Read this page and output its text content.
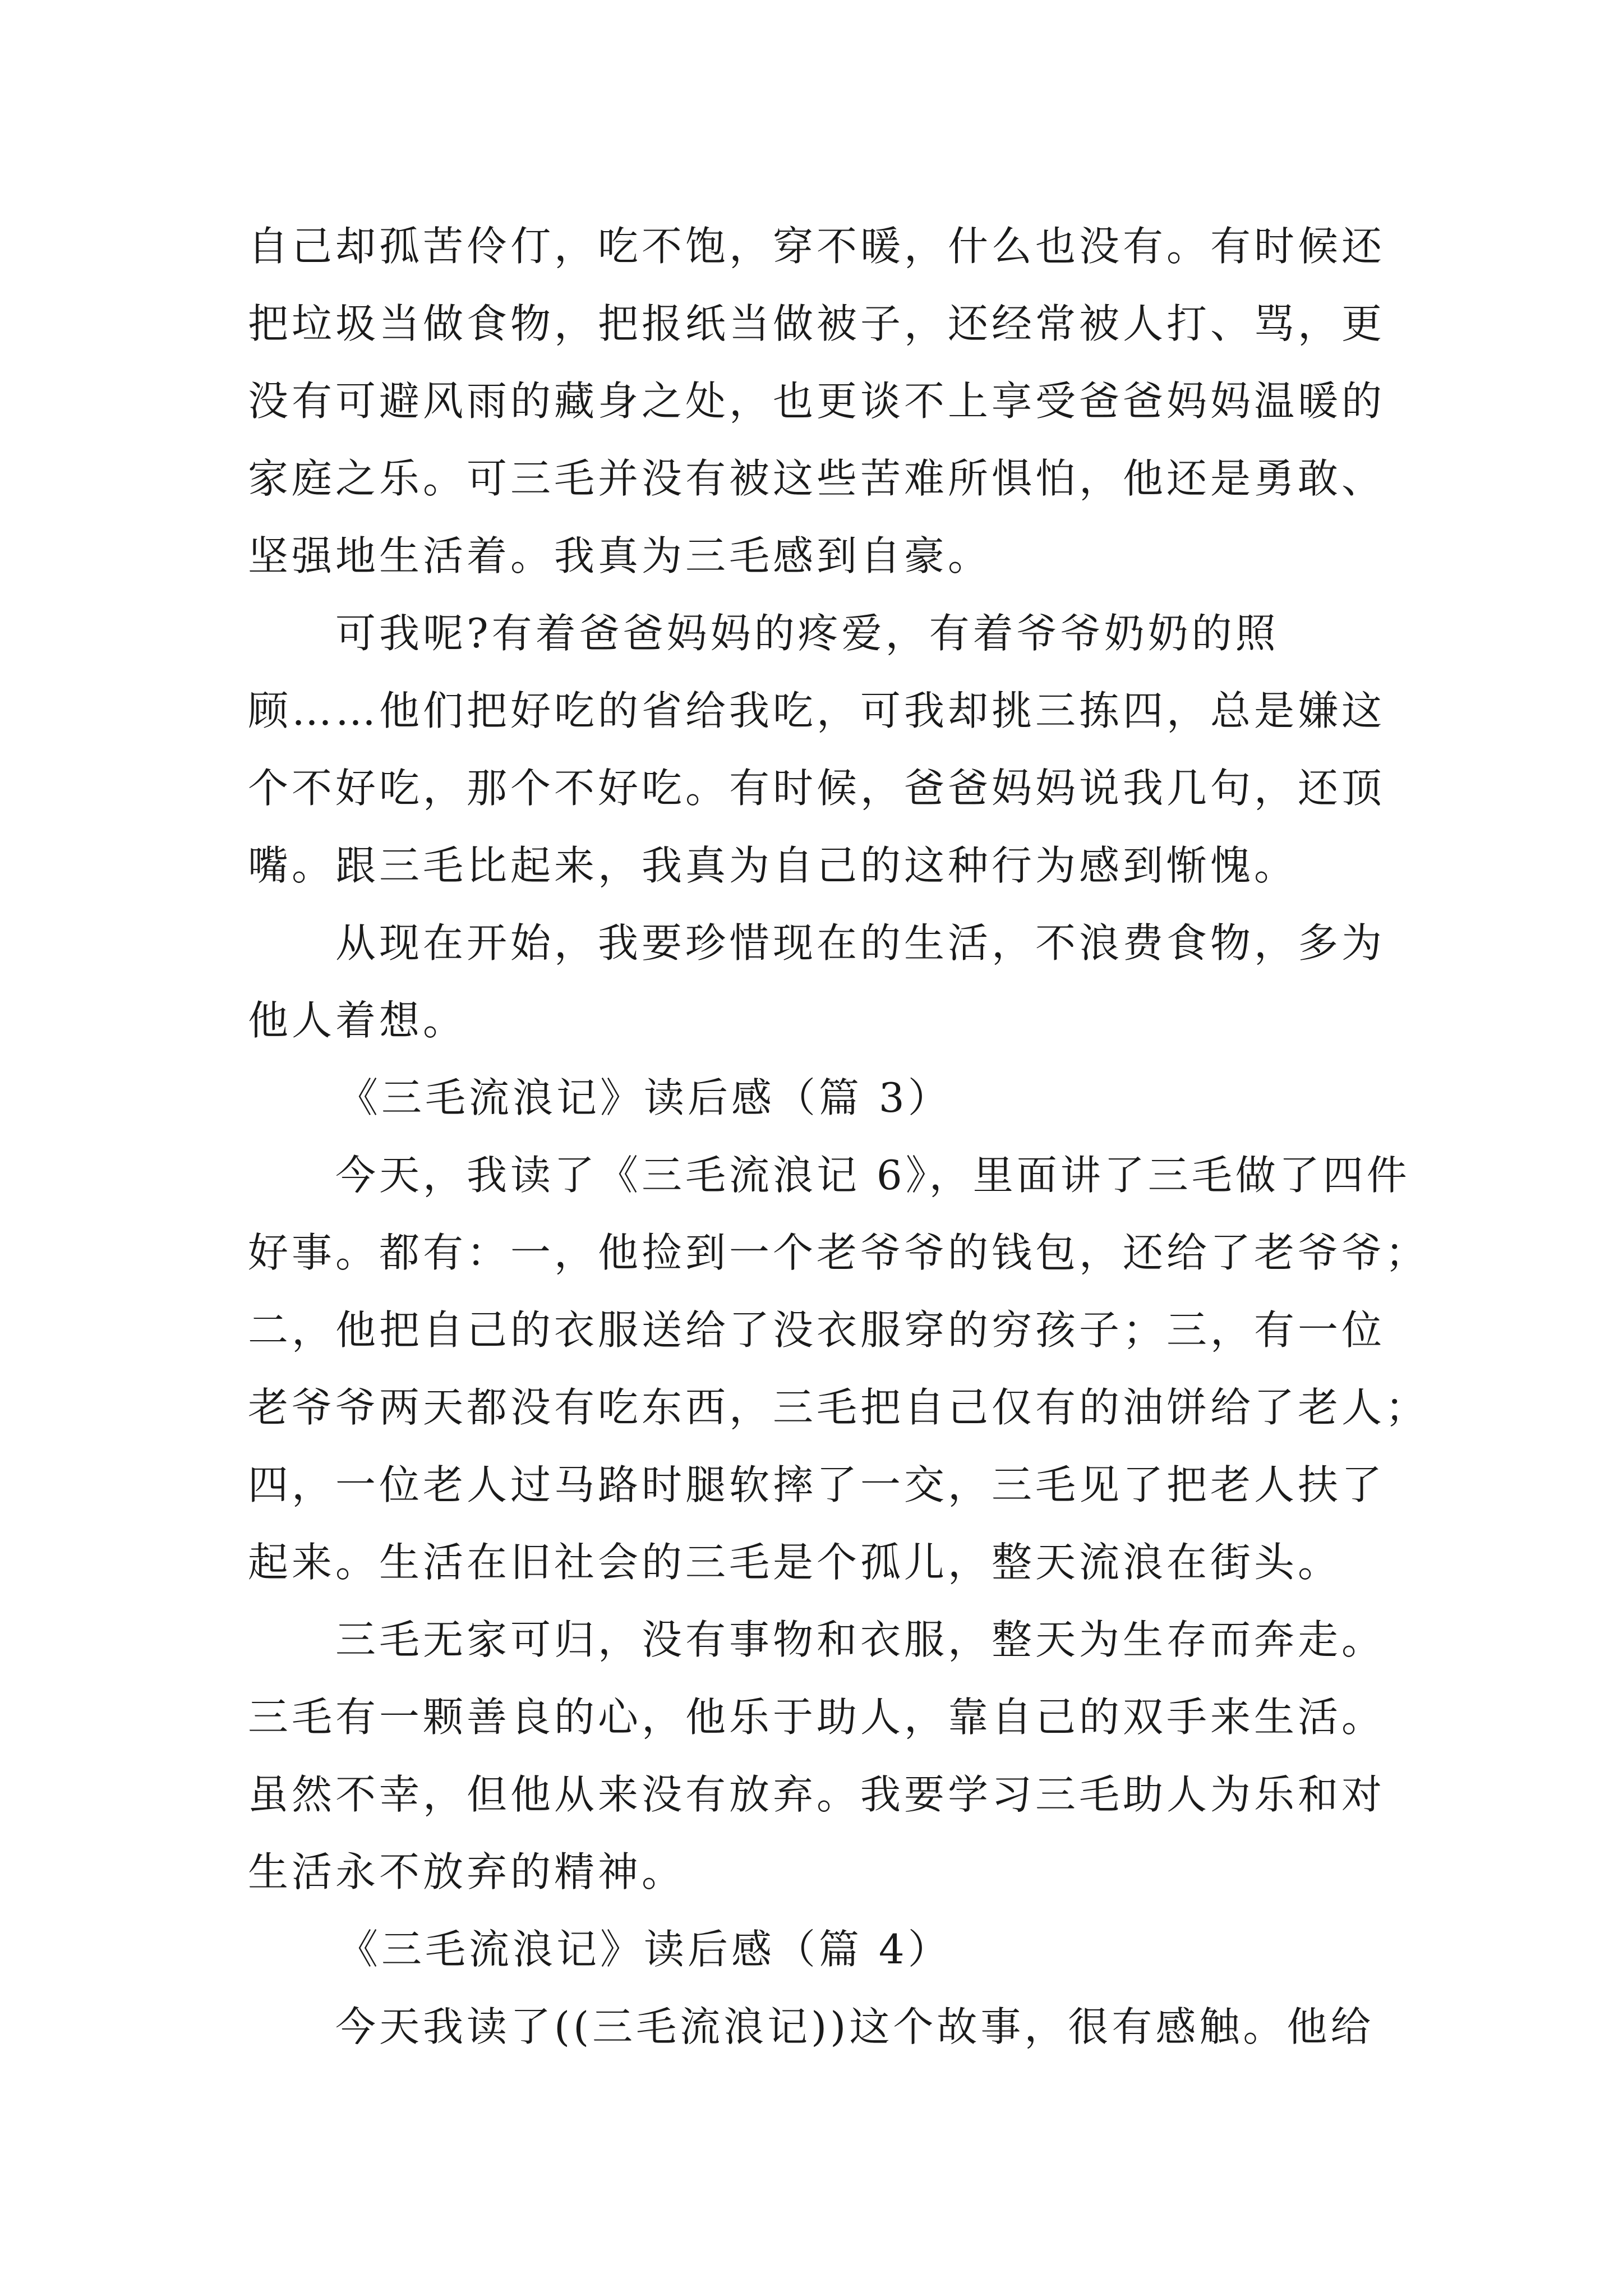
自己却孤苦伶仃，吃不饱，穿不暖，什么也没有。有时候还
把垃圾当做食物，把报纸当做被子，还经常被人打、骂，更
没有可避风雨的藏身之处，也更谈不上享受爸爸妈妈温暖的
家庭之乐。可三毛并没有被这些苦难所惧怕，他还是勇敢、
坚强地生活着。我真为三毛感到自豪。
　　可我呢?有着爸爸妈妈的疼爱，有着爷爷奶奶的照
顾……他们把好吃的省给我吃，可我却挑三拣四，总是嫌这
个不好吃，那个不好吃。有时候，爸爸妈妈说我几句，还顶
嘴。跟三毛比起来，我真为自己的这种行为感到惭愧。
　　从现在开始，我要珍惜现在的生活，不浪费食物，多为
他人着想。
《三毛流浪记》读后感（篇 3）
　　今天，我读了《三毛流浪记 6》，里面讲了三毛做了四件
好事。都有：一，他捡到一个老爷爷的钱包，还给了老爷爷；
二，他把自己的衣服送给了没衣服穿的穷孩子；三，有一位
老爷爷两天都没有吃东西，三毛把自己仅有的油饼给了老人；
四，一位老人过马路时腿软摔了一交，三毛见了把老人扶了
起来。生活在旧社会的三毛是个孤儿，整天流浪在街头。
　　三毛无家可归，没有事物和衣服，整天为生存而奔走。
三毛有一颗善良的心，他乐于助人，靠自己的双手来生活。
虽然不幸，但他从来没有放弃。我要学习三毛助人为乐和对
生活永不放弃的精神。
《三毛流浪记》读后感（篇 4）
　　今天我读了((三毛流浪记))这个故事，很有感触。他给
